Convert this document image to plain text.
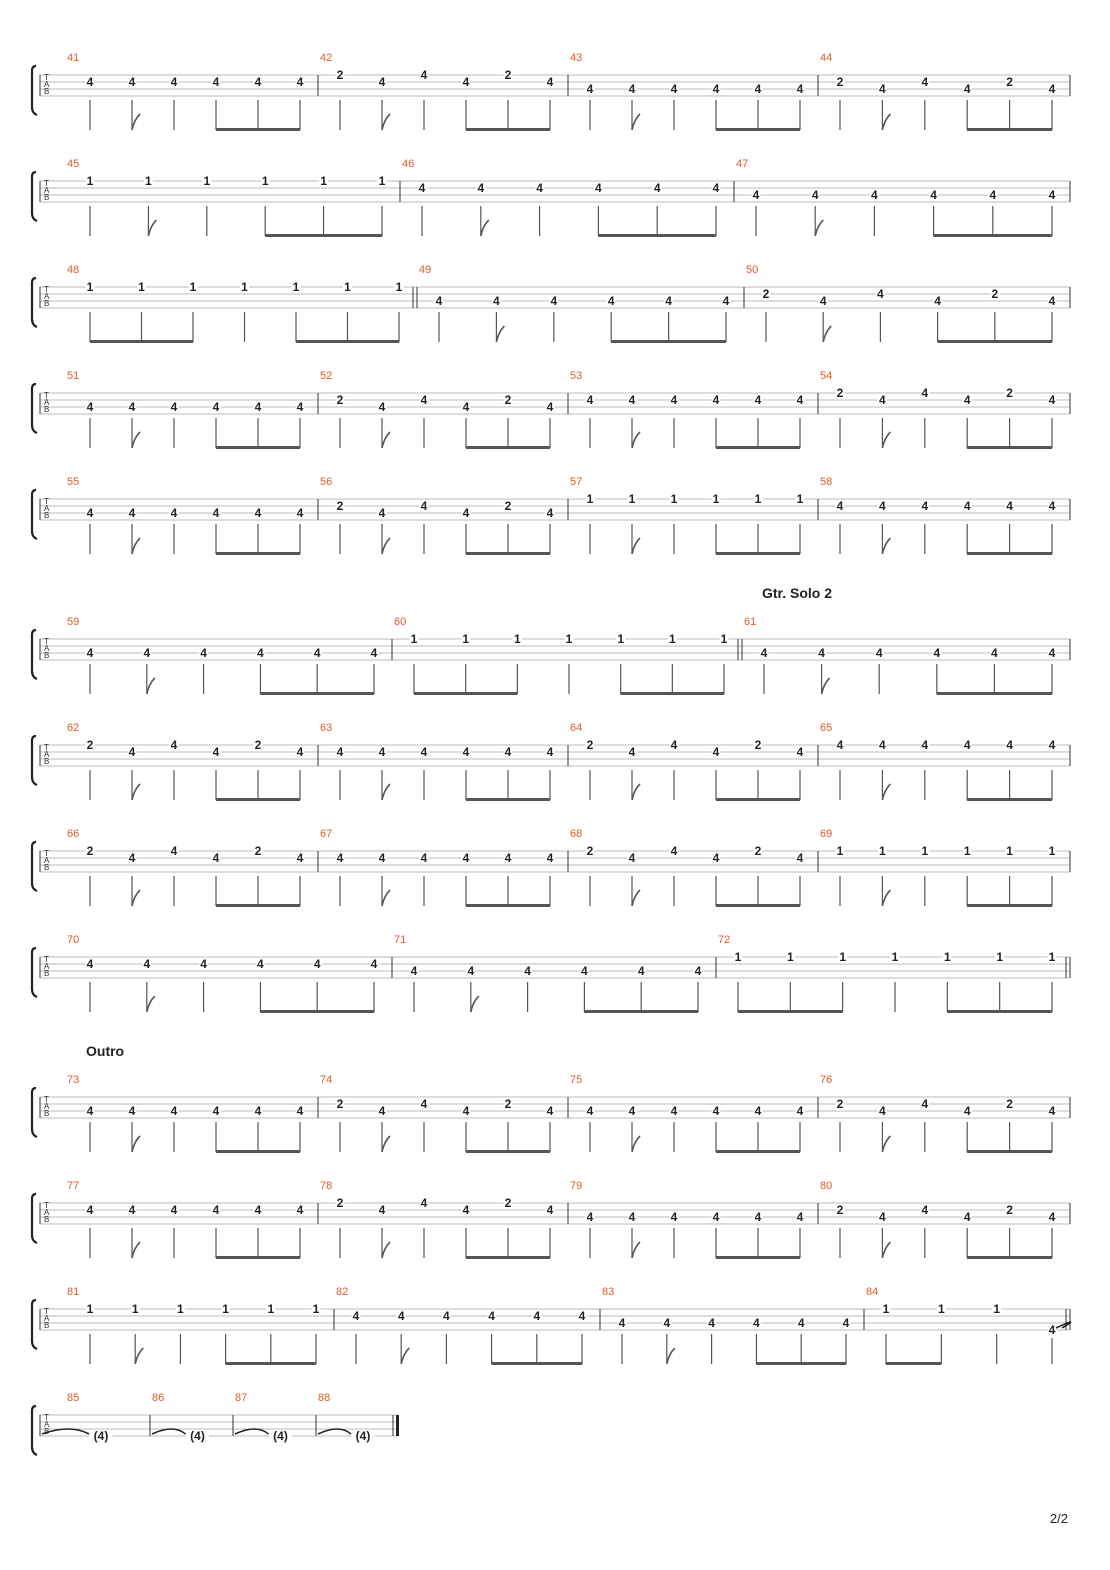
T
A
B
41
4	4	4	4	4	4
42
2	4	4	4	2	4
43
4	4	4	4	4	4
44
2	4	4	4	2	4
T
A
B
45
1	1	1	1	1	1
46
4	4	4	4	4	4
47
4	4	4	4	4	4
T
A
B
48
1	1	1	1	1	1	1
49
4	4	4	4	4	4
50
2	4	4	4	2	4
T
A
B
51
4	4	4	4	4	4
52
2	4	4	4	2	4
53
4	4	4	4	4	4
54
2	4	4	4	2	4
T
A
B
55
4	4	4	4	4	4
56
2	4	4	4	2	4
57
1	1	1	1	1	1
58
4	4	4	4	4	4
T
A
B
59
4	4	4	4	4	4
60
1	1	1	1	1	1	1
61
4	4	4	4	4	4
T
A
B
62
2	4	4	4	2	4
63
4	4	4	4	4	4
64
2	4	4	4	2	4
65
4	4	4	4	4	4
T
A
B
66
2	4	4	4	2	4
67
4	4	4	4	4	4
68
2	4	4	4	2	4
69
1	1	1	1	1	1
T
A
B
70
4	4	4	4	4	4
71
4	4	4	4	4	4
72
1	1	1	1	1	1	1
T
A
B
73
4	4	4	4	4	4
74
2	4	4	4	2	4
75
4	4	4	4	4	4
76
2	4	4	4	2	4
T
A
B
77
4	4	4	4	4	4
78
2	4	4	4	2	4
79
4	4	4	4	4	4
80
2	4	4	4	2	4
T
A
B
81
1	1	1	1	1	1
82
4	4	4	4	4	4
83
4	4	4	4	4	4
84
1	1	1
4
T
A
B
85
(4)
86
(4)
87
(4)
88
(4)
2/2
Gtr. Solo 2
Outro
